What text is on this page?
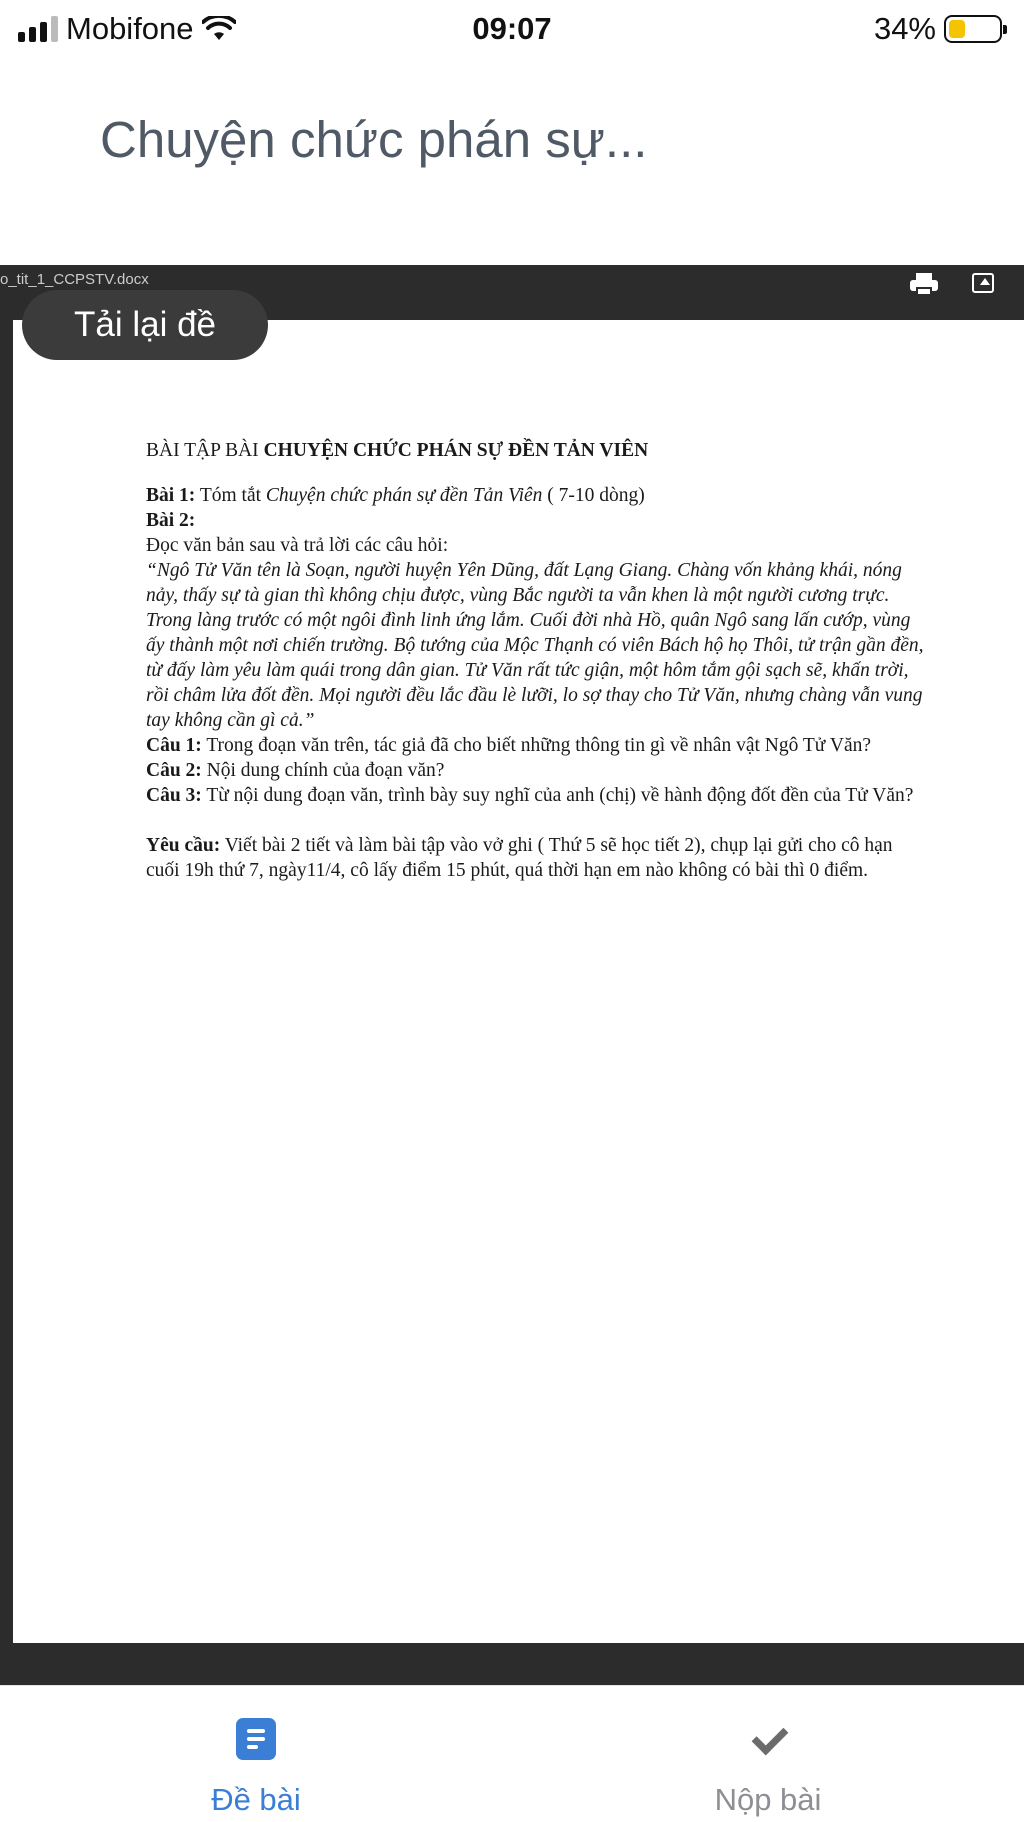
Mobifone	09:07	34%
Chuyện chức phán sự...
o_tit_1_CCPSTV.docx
Tải lại đề
BÀI TẬP BÀI CHUYỆN CHỨC PHÁN SỰ ĐỀN TẢN VIÊN
Bài 1: Tóm tắt Chuyện chức phán sự đền Tản Viên ( 7-10 dòng)
Bài 2:
Đọc văn bản sau và trả lời các câu hỏi:
“Ngô Tử Văn tên là Soạn, người huyện Yên Dũng, đất Lạng Giang. Chàng vốn khảng khái, nóng nảy, thấy sự tà gian thì không chịu được, vùng Bắc người ta vẫn khen là một người cương trực. Trong làng trước có một ngôi đình linh ứng lắm. Cuối đời nhà Hồ, quân Ngô sang lấn cướp, vùng ấy thành một nơi chiến trường. Bộ tướng của Mộc Thạnh có viên Bách hộ họ Thôi, tử trận gần đền, từ đấy làm yêu làm quái trong dân gian. Tử Văn rất tức giận, một hôm tắm gội sạch sẽ, khấn trời, rồi châm lửa đốt đền. Mọi người đều lắc đầu lè lưỡi, lo sợ thay cho Tử Văn, nhưng chàng vẫn vung tay không cần gì cả.”
Câu 1: Trong đoạn văn trên, tác giả đã cho biết những thông tin gì về nhân vật Ngô Tử Văn?
Câu 2: Nội dung chính của đoạn văn?
Câu 3: Từ nội dung đoạn văn, trình bày suy nghĩ của anh (chị) về hành động đốt đền của Tử Văn?
Yêu cầu: Viết bài 2 tiết và làm bài tập vào vở ghi ( Thứ 5 sẽ học tiết 2), chụp lại gửi cho cô hạn cuối 19h thứ 7, ngày11/4, cô lấy điểm 15 phút, quá thời hạn em nào không có bài thì 0 điểm.
Đề bài	Nộp bài
